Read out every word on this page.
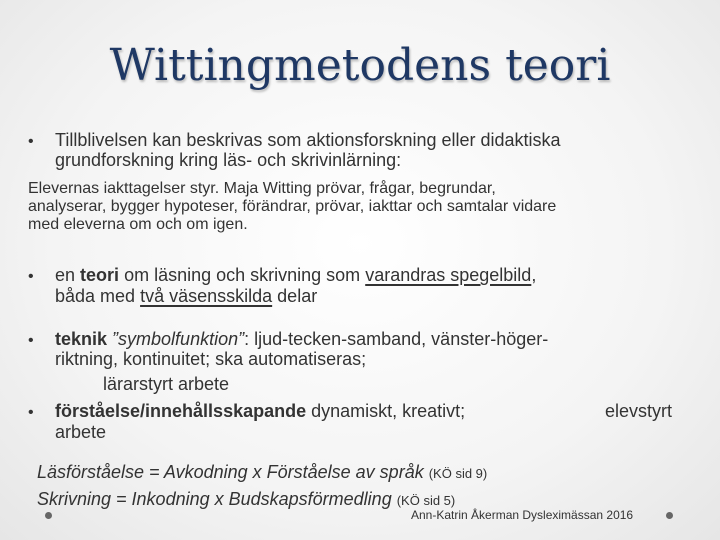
Wittingmetodens teori
• Tillblivelsen kan beskrivas som aktionsforskning eller didaktiska
grundforskning kring läs- och skrivinlärning:
Elevernas iakttagelser styr. Maja Witting prövar, frågar, begrundar,
analyserar, bygger hypoteser, förändrar, prövar, iakttar och samtalar vidare
med eleverna om och om igen.
• en teori om läsning och skrivning som varandras spegelbild,
båda med två väsensskilda delar
• teknik ”symbolfunktion”: ljud-tecken-samband, vänster-höger-
riktning, kontinuitet; ska automatiseras;
lärarstyrt arbete
• förståelse/innehållsskapande dynamiskt, kreativt;	elevstyrt
arbete
Läsförståelse = Avkodning x Förståelse av språk (KÖ sid 9)
Skrivning = Inkodning x Budskapsförmedling (KÖ sid 5)
Ann-Katrin Åkerman Dysleximässan 2016
